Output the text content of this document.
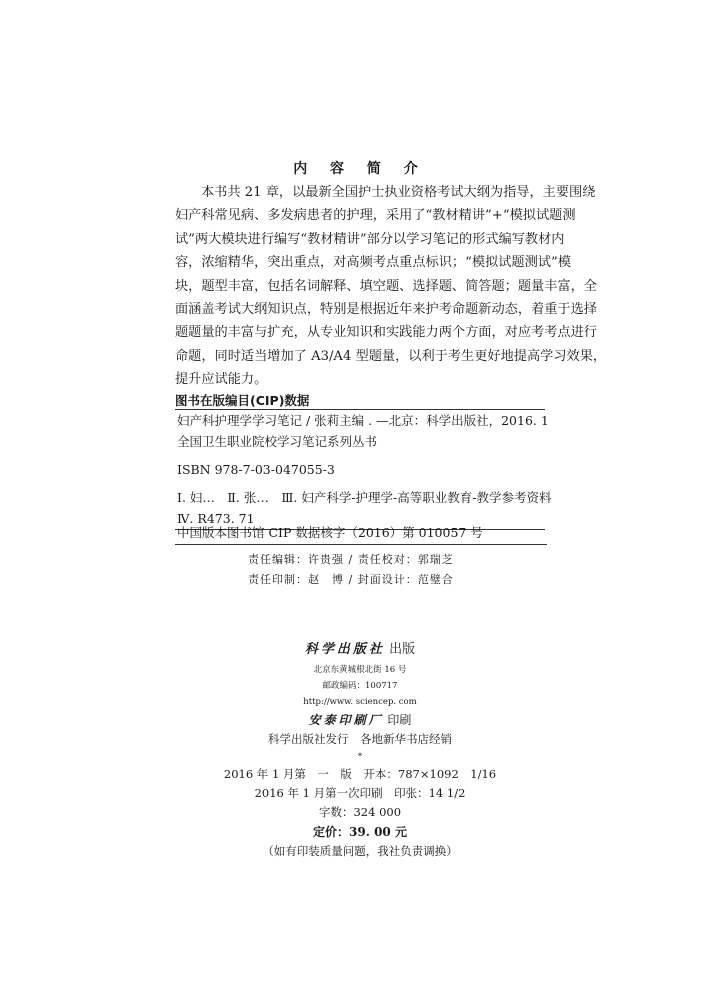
内 容 简 介
本书共 21 章，以最新全国护士执业资格考试大纲为指导，主要围绕
妇产科常见病、多发病患者的护理，采用了“教材精讲”+“模拟试题测
试”两大模块进行编写“教材精讲”部分以学习笔记的形式编写教材内
容，浓缩精华，突出重点，对高频考点重点标识；“模拟试题测试”模
块，题型丰富，包括名词解释、填空题、选择题、简答题；题量丰富，全
面涵盖考试大纲知识点，特别是根据近年来护考命题新动态，着重于选择
题题量的丰富与扩充，从专业知识和实践能力两个方面，对应考考点进行
命题，同时适当增加了 A3/A4 型题量，以利于考生更好地提高学习效果，
提升应试能力。
图书在版编目(CIP)数据
妇产科护理学学习笔记 / 张莉主编 . —北京：科学出版社，2016. 1
全国卫生职业院校学习笔记系列丛书
ISBN 978-7-03-047055-3
Ⅰ. 妇…　Ⅱ. 张…　Ⅲ. 妇产科学-护理学-高等职业教育-教学参考资料
Ⅳ. R473. 71
中国版本图书馆 CIP 数据核字（2016）第 010057 号
责任编辑：许贵强 / 责任校对：郭瑞芝
责任印制：赵　博 / 封面设计：范璧合
科学出版社 出版
北京东黄城根北街 16 号
邮政编码：100717
http://www. sciencep. com
安泰印刷厂 印刷
科学出版社发行　各地新华书店经销
*
2016 年 1 月第　一　版　开本：787×1092　1/16
2016 年 1 月第一次印刷　印张：14 1/2
字数：324 000
定价：39. 00 元
（如有印装质量问题，我社负责调换）
